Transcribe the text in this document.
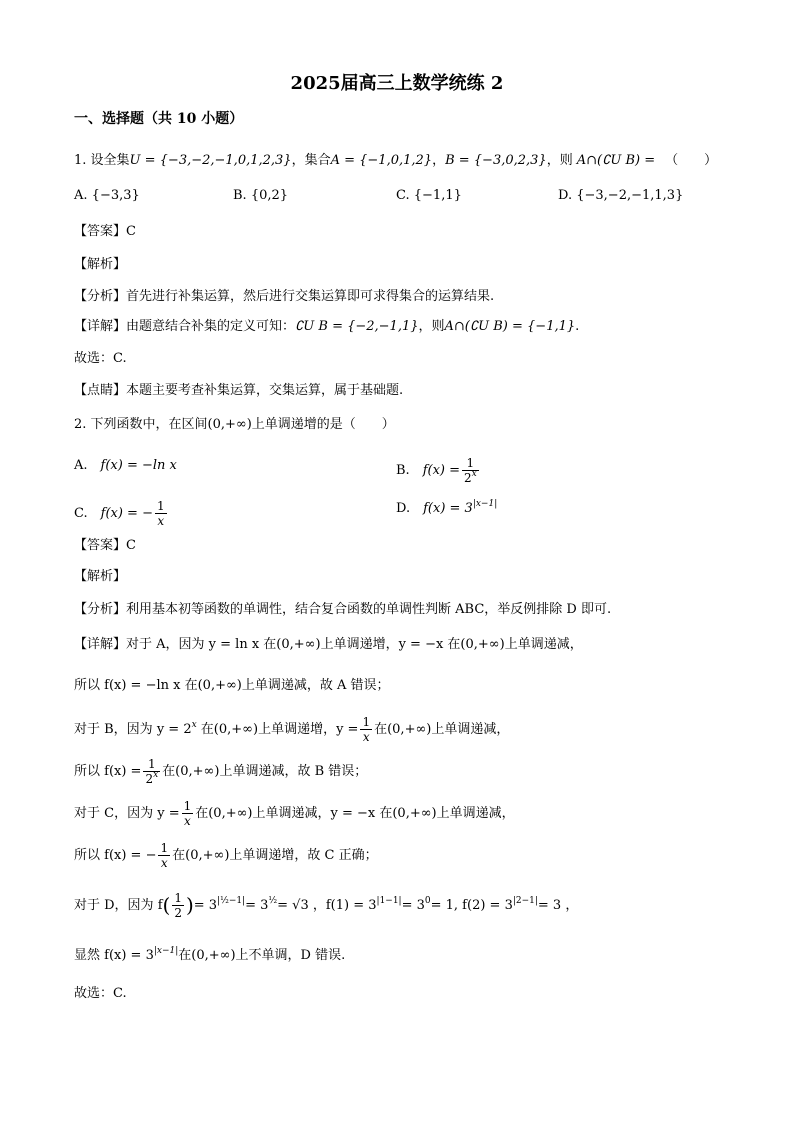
2025届高三上数学统练 2
一、选择题（共 10 小题）
1. 设全集U = {−3,−2,−1,0,1,2,3}，集合A = {−1,0,1,2}，B = {−3,0,2,3}，则 A∩(∁U B) = （　　）
A. {−3,3}	B. {0,2}	C. {−1,1}	D. {−3,−2,−1,1,3}
【答案】C
【解析】
【分析】首先进行补集运算，然后进行交集运算即可求得集合的运算结果.
【详解】由题意结合补集的定义可知：∁U B = {−2,−1,1}，则A∩(∁U B) = {−1,1}.
故选：C.
【点睛】本题主要考查补集运算，交集运算，属于基础题.
2. 下列函数中，在区间(0,+∞)上单调递增的是（　　）
A.　 f(x) = −ln x	B.　 $f(x) = \frac{1}{2^x}$
C.　 f(x) = − $\frac{1}{x}$	D.　 $f(x) = 3^{|x-1|}$
【答案】C
【解析】
【分析】利用基本初等函数的单调性，结合复合函数的单调性判断 ABC，举反例排除 D 即可.
【详解】对于 A，因为 y = ln x 在(0,+∞)上单调递增，y = −x 在(0,+∞)上单调递减，
所以 f(x) = −ln x 在(0,+∞)上单调递减，故 A 错误；
对于 B，因为 $y = 2^x$ 在(0,+∞)上单调递增，$y = \frac{1}{x}$ 在(0,+∞)上单调递减，
所以 $f(x) = \frac{1}{2^x}$ 在(0,+∞)上单调递减，故 B 错误；
对于 C，因为 $y = \frac{1}{x}$ 在(0,+∞)上单调递减，y = −x 在(0,+∞)上单调递减，
所以 f(x) = − $\frac{1}{x}$ 在(0,+∞)上单调递增，故 C 正确；
对于 D，因为 $f( \frac{1}{2}$ )= $3^{|\frac{1}{2}-1|}= 3^{\frac{1}{2}}= √3$ ，$f(1) = 3^{|1-1|}= 3^0= 1$, $f(2) = 3^{|2-1|}= 3$ ，
显然 $f(x) = 3^{|x-1|}$在(0,+∞)上不单调，D 错误.
故选：C.
